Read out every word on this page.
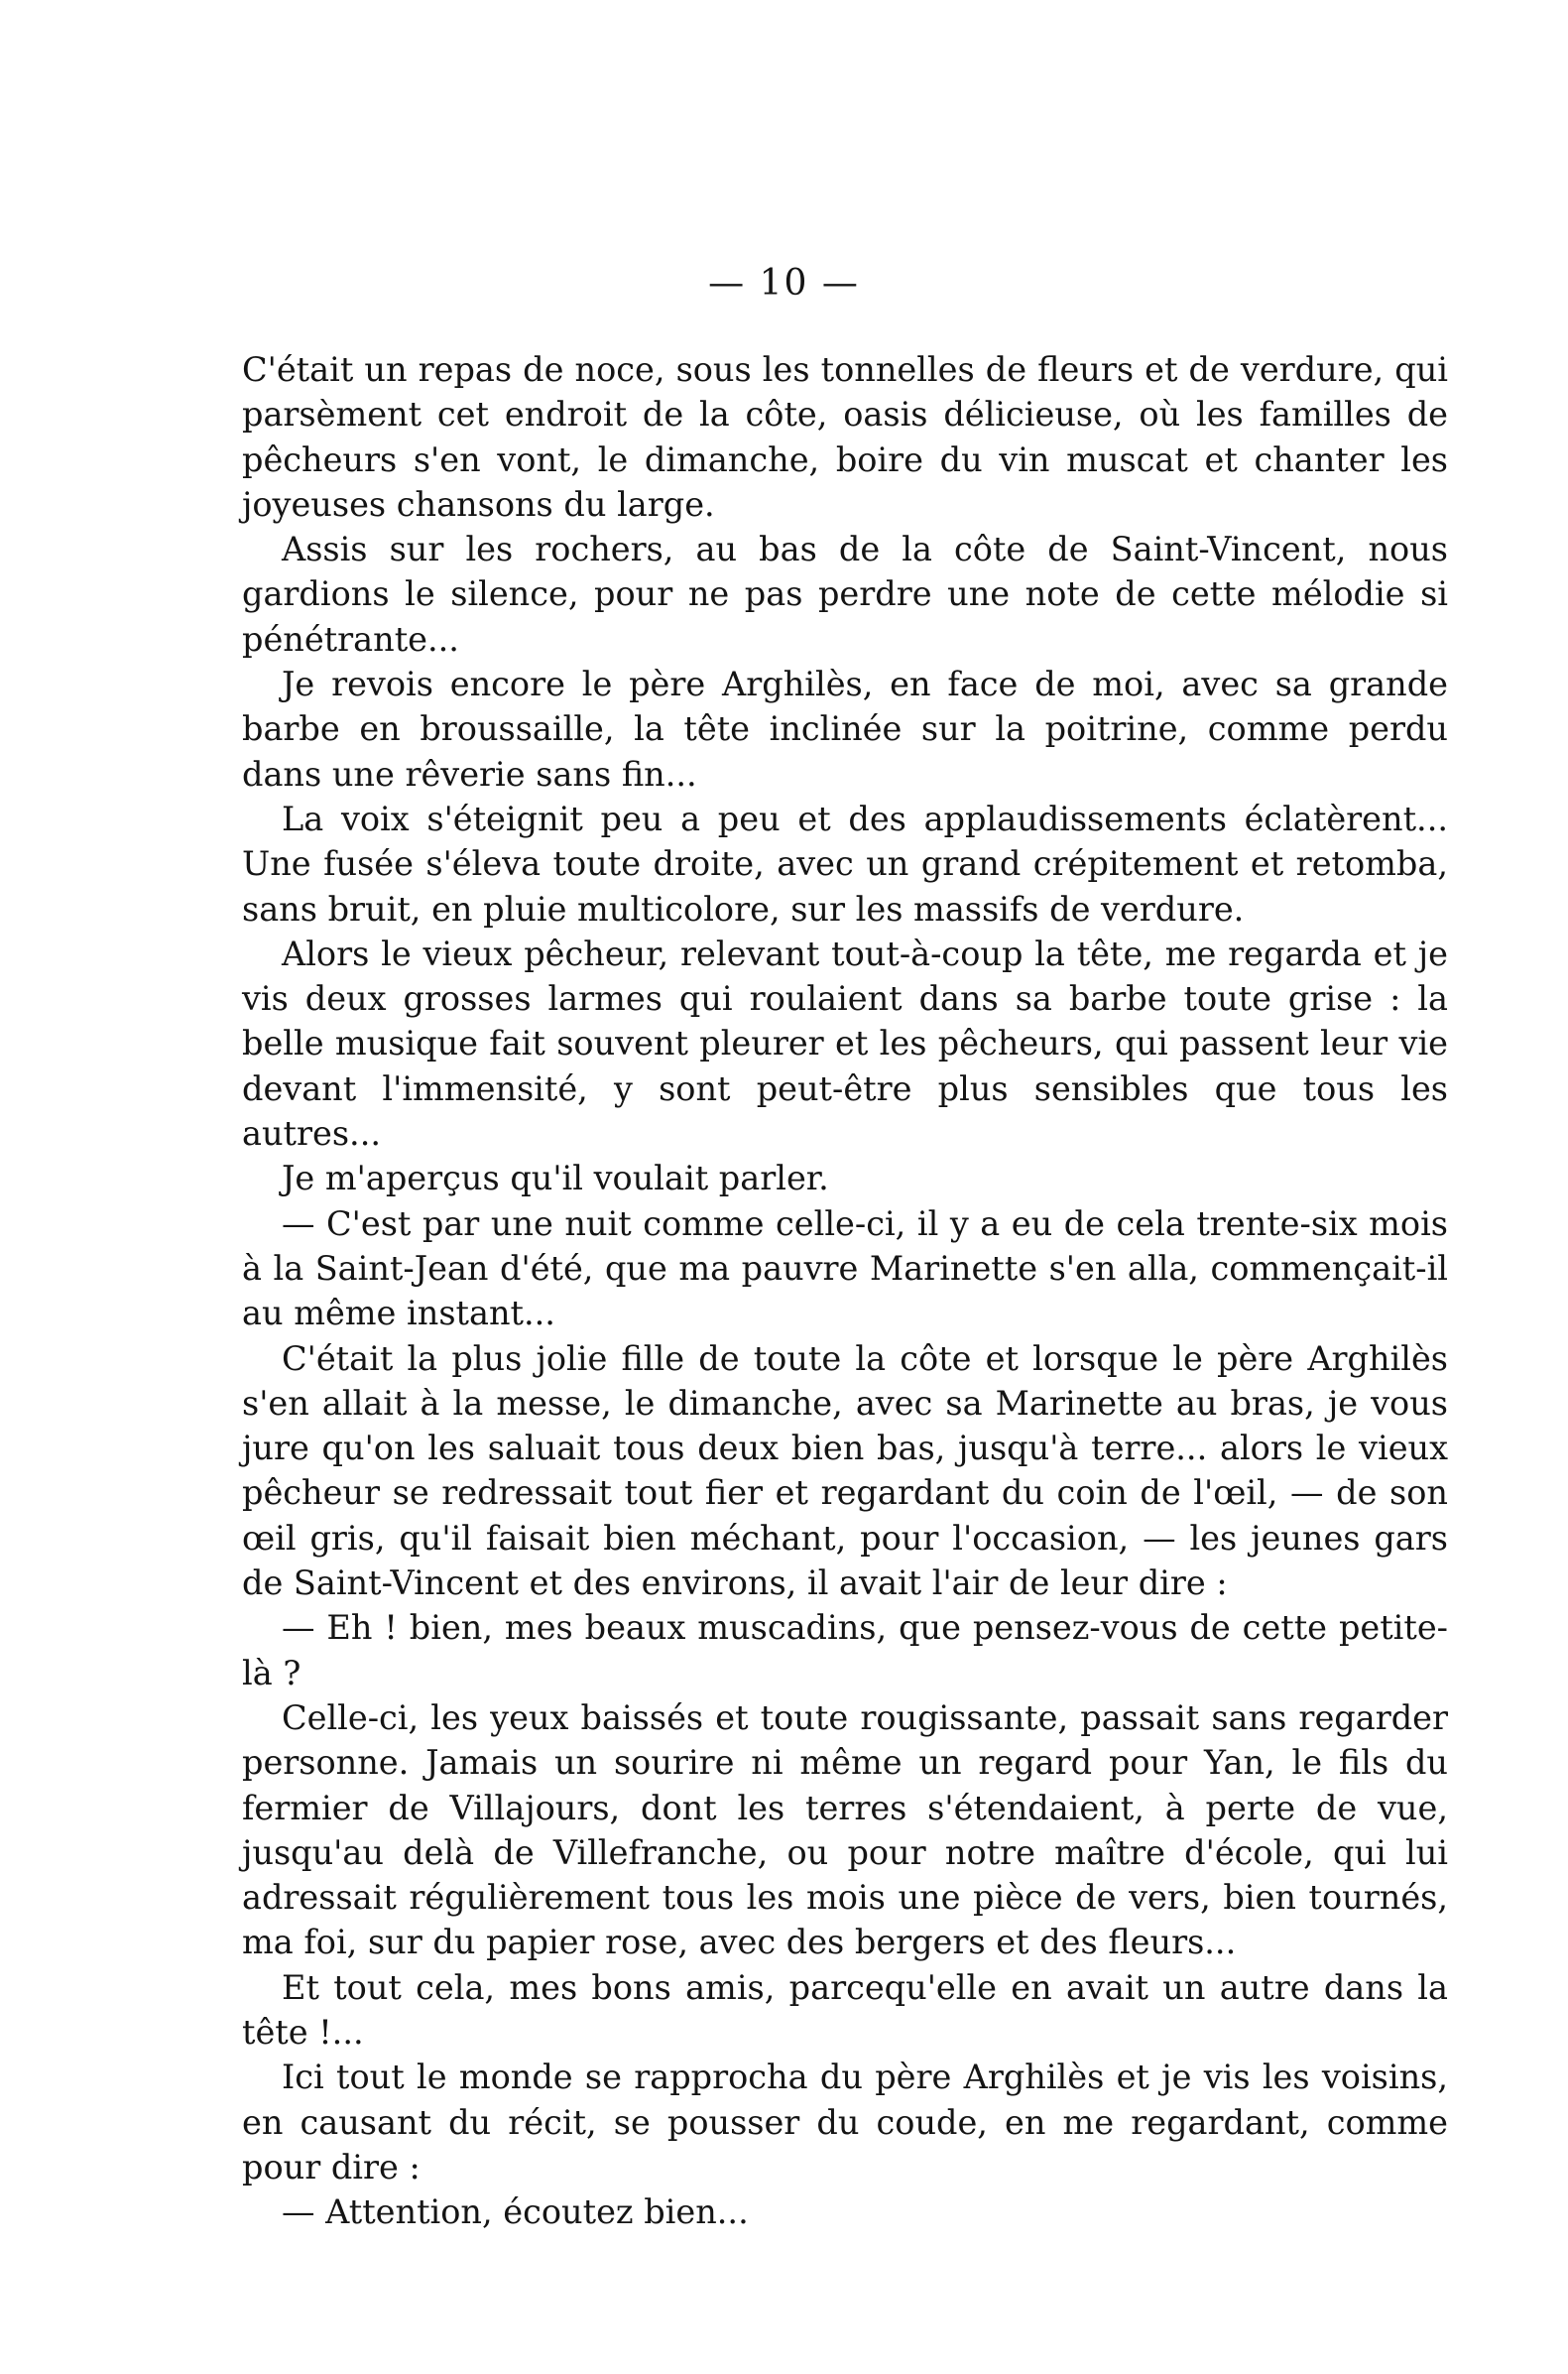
— 10 —

C'était un repas de noce, sous les tonnelles de fleurs et de verdure, qui parsèment cet endroit de la côte, oasis délicieuse, où les familles de pêcheurs s'en vont, le dimanche, boire du vin muscat et chanter les joyeuses chansons du large.

Assis sur les rochers, au bas de la côte de Saint-Vincent, nous gardions le silence, pour ne pas perdre une note de cette mélodie si pénétrante...

Je revois encore le père Arghilès, en face de moi, avec sa grande barbe en broussaille, la tête inclinée sur la poitrine, comme perdu dans une rêverie sans fin...

La voix s'éteignit peu a peu et des applaudissements éclatèrent... Une fusée s'éleva toute droite, avec un grand crépitement et retomba, sans bruit, en pluie multicolore, sur les massifs de verdure.

Alors le vieux pêcheur, relevant tout-à-coup la tête, me regarda et je vis deux grosses larmes qui roulaient dans sa barbe toute grise : la belle musique fait souvent pleurer et les pêcheurs, qui passent leur vie devant l'immensité, y sont peut-être plus sensibles que tous les autres...

Je m'aperçus qu'il voulait parler.

— C'est par une nuit comme celle-ci, il y a eu de cela trente-six mois à la Saint-Jean d'été, que ma pauvre Marinette s'en alla, commençait-il au même instant...

C'était la plus jolie fille de toute la côte et lorsque le père Arghilès s'en allait à la messe, le dimanche, avec sa Marinette au bras, je vous jure qu'on les saluait tous deux bien bas, jusqu'à terre... alors le vieux pêcheur se redressait tout fier et regardant du coin de l'œil, — de son œil gris, qu'il faisait bien méchant, pour l'occasion, — les jeunes gars de Saint-Vincent et des environs, il avait l'air de leur dire :

— Eh ! bien, mes beaux muscadins, que pensez-vous de cette petite-là ?

Celle-ci, les yeux baissés et toute rougissante, passait sans regarder personne. Jamais un sourire ni même un regard pour Yan, le fils du fermier de Villajours, dont les terres s'étendaient, à perte de vue, jusqu'au delà de Villefranche, ou pour notre maître d'école, qui lui adressait régulièrement tous les mois une pièce de vers, bien tournés, ma foi, sur du papier rose, avec des bergers et des fleurs...

Et tout cela, mes bons amis, parcequ'elle en avait un autre dans la tête !...

Ici tout le monde se rapprocha du père Arghilès et je vis les voisins, en causant du récit, se pousser du coude, en me regardant, comme pour dire :

— Attention, écoutez bien...
